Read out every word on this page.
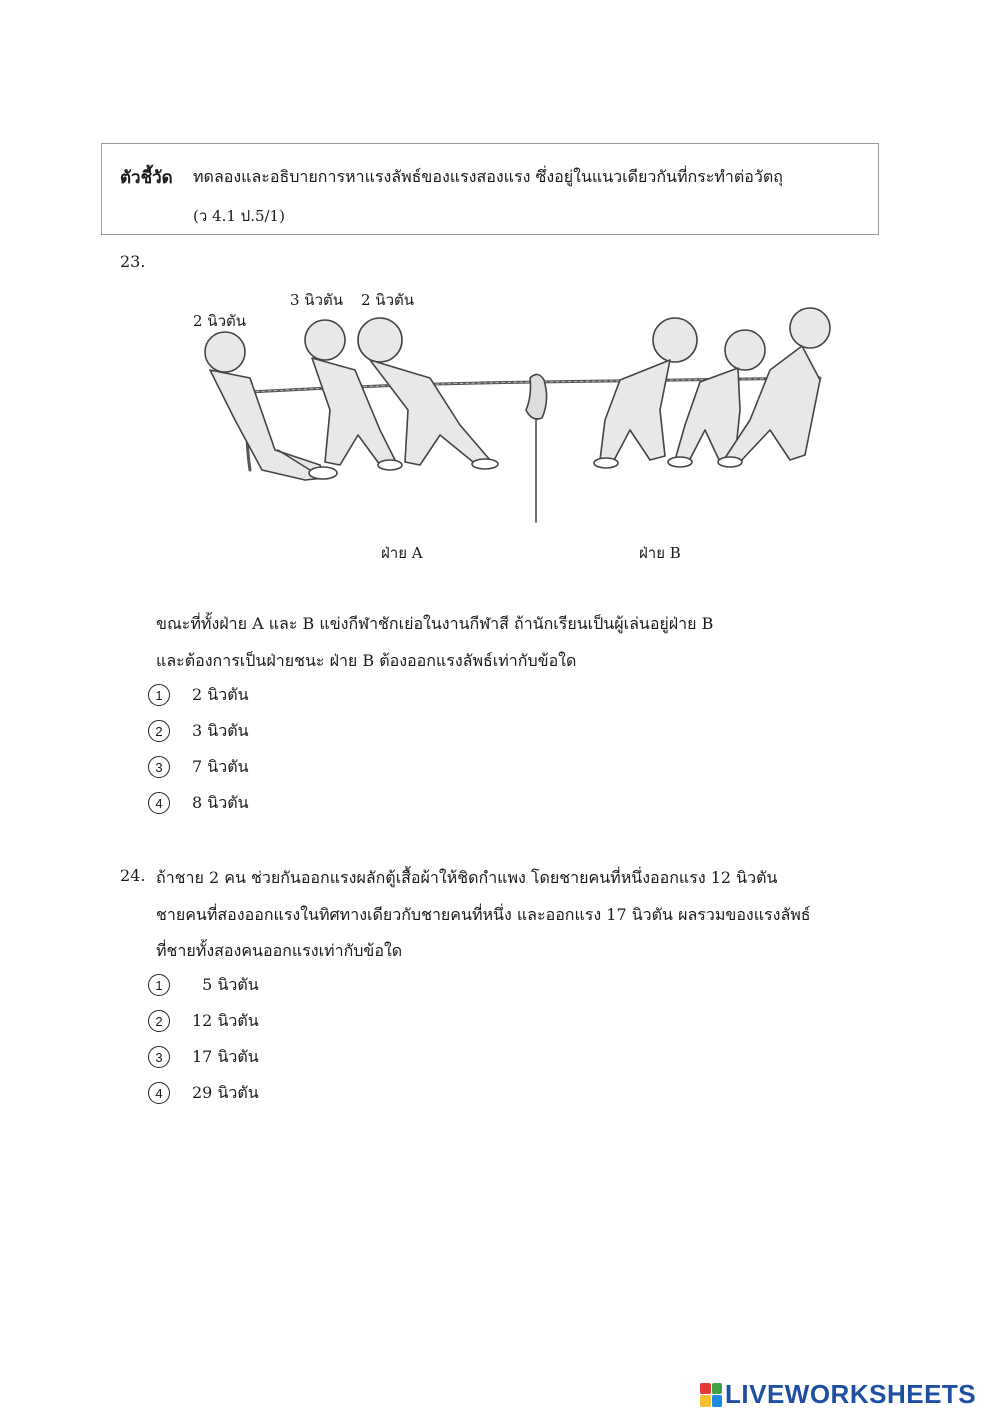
ตัวชี้วัด ทดลองและอธิบายการหาแรงลัพธ์ของแรงสองแรง ซึ่งอยู่ในแนวเดียวกันที่กระทำต่อวัตถุ
(ว 4.1 ป.5/1)
23.
2 นิวตัน
3 นิวตัน 2 นิวตัน
ฝ่าย A	ฝ่าย B
ขณะที่ทั้งฝ่าย A และ B แข่งกีฬาชักเย่อในงานกีฬาสี ถ้านักเรียนเป็นผู้เล่นอยู่ฝ่าย B
และต้องการเป็นฝ่ายชนะ ฝ่าย B ต้องออกแรงลัพธ์เท่ากับข้อใด
1	2 นิวตัน
2	3 นิวตัน
3	7 นิวตัน
4	8 นิวตัน
24. ถ้าชาย 2 คน ช่วยกันออกแรงผลักตู้เสื้อผ้าให้ชิดกำแพง โดยชายคนที่หนึ่งออกแรง 12 นิวตัน
ชายคนที่สองออกแรงในทิศทางเดียวกับชายคนที่หนึ่ง และออกแรง 17 นิวตัน ผลรวมของแรงลัพธ์
ที่ชายทั้งสองคนออกแรงเท่ากับข้อใด
1	5 นิวตัน
2	12 นิวตัน
3	17 นิวตัน
4	29 นิวตัน
LIVEWORKSHEETS
